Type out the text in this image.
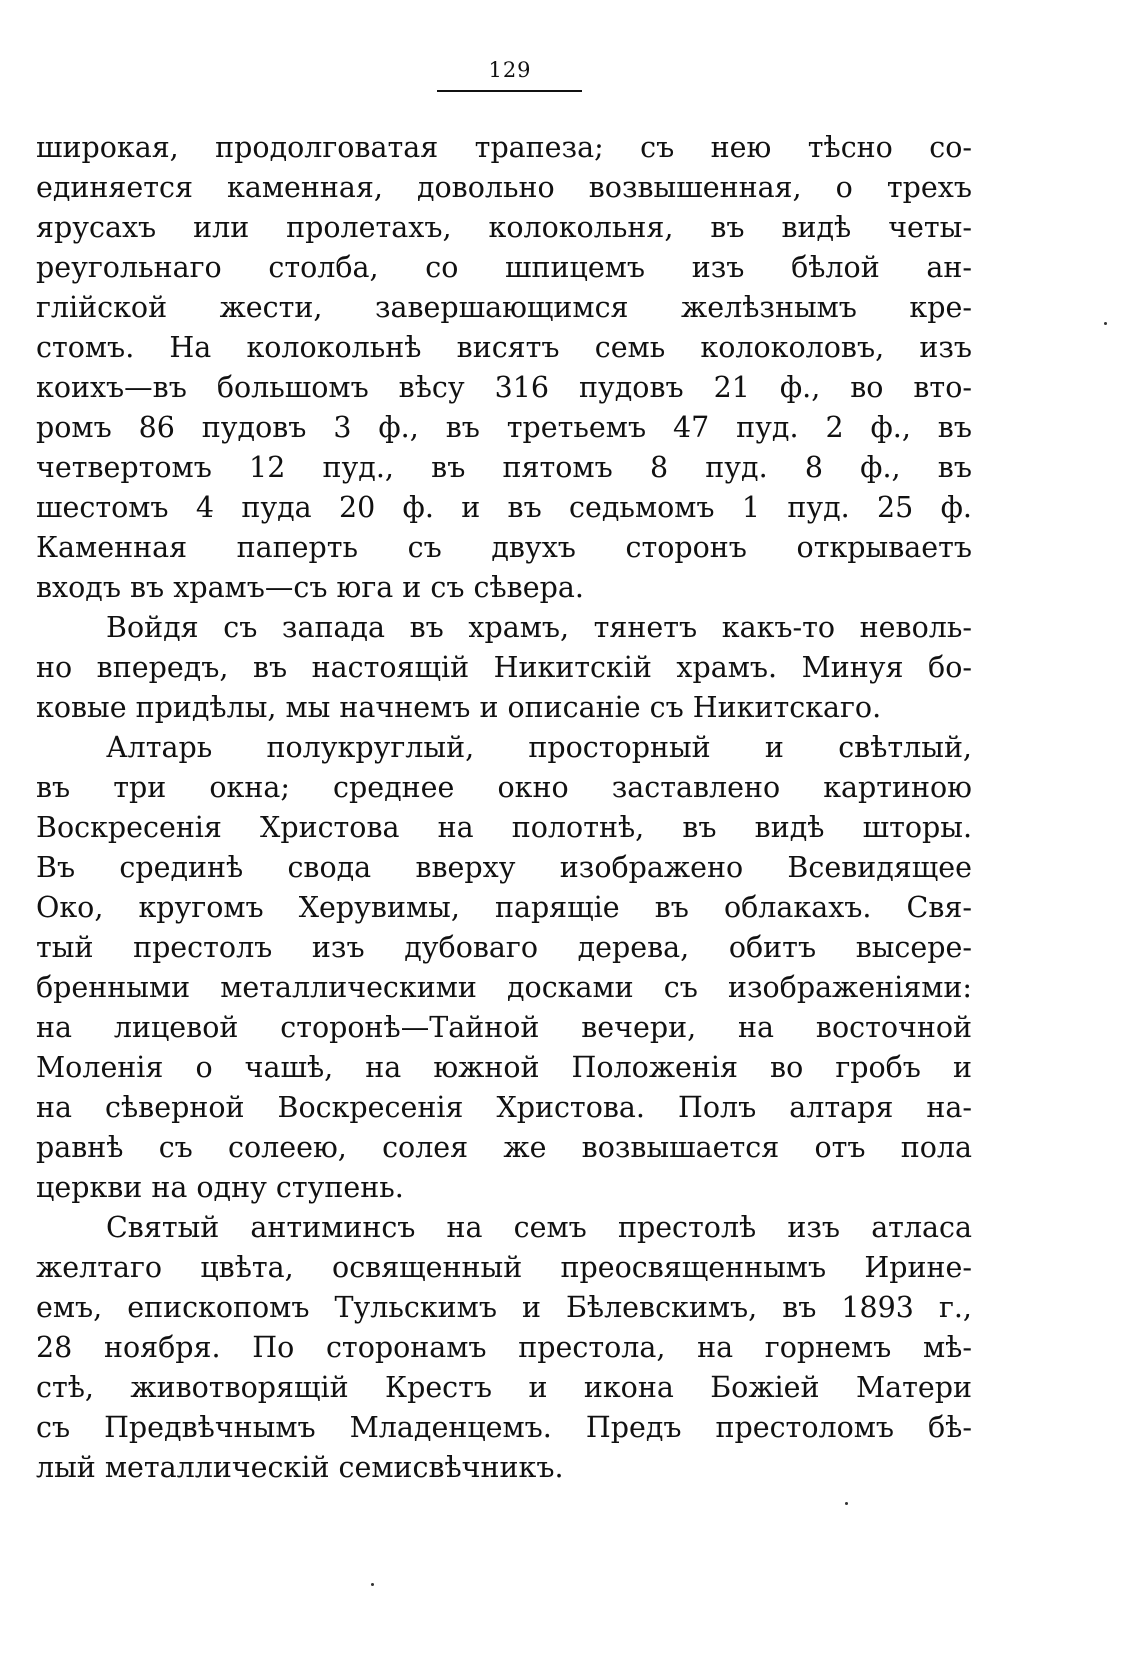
129
широкая, продолговатая трапеза; съ нею тѣсно со-
единяется каменная, довольно возвышенная, о трехъ
ярусахъ или пролетахъ, колокольня, въ видѣ четы-
реугольнаго столба, со шпицемъ изъ бѣлой ан-
глійской жести, завершающимся желѣзнымъ кре-
стомъ. На колокольнѣ висятъ семь колоколовъ, изъ
коихъ—въ большомъ вѣсу 316 пудовъ 21 ф., во вто-
ромъ 86 пудовъ 3 ф., въ третьемъ 47 пуд. 2 ф., въ
четвертомъ 12 пуд., въ пятомъ 8 пуд. 8 ф., въ
шестомъ 4 пуда 20 ф. и въ седьмомъ 1 пуд. 25 ф.
Каменная паперть съ двухъ сторонъ открываетъ
входъ въ храмъ—съ юга и съ сѣвера.
Войдя съ запада въ храмъ, тянетъ какъ-то неволь-
но впередъ, въ настоящій Никитскій храмъ. Минуя бо-
ковые придѣлы, мы начнемъ и описаніе съ Никитскаго.
Алтарь полукруглый, просторный и свѣтлый,
въ три окна; среднее окно заставлено картиною
Воскресенія Христова на полотнѣ, въ видѣ шторы.
Въ срединѣ свода вверху изображено Всевидящее
Око, кругомъ Херувимы, парящіе въ облакахъ. Свя-
тый престолъ изъ дубоваго дерева, обитъ высере-
бренными металлическими досками съ изображеніями:
на лицевой сторонѣ—Тайной вечери, на восточной
Моленія о чашѣ, на южной Положенія во гробъ и
на сѣверной Воскресенія Христова. Полъ алтаря на-
равнѣ съ солеею, солея же возвышается отъ пола
церкви на одну ступень.
Святый антиминсъ на семъ престолѣ изъ атласа
желтаго цвѣта, освященный преосвященнымъ Ирине-
емъ, епископомъ Тульскимъ и Бѣлевскимъ, въ 1893 г.,
28 ноября. По сторонамъ престола, на горнемъ мѣ-
стѣ, животворящій Крестъ и икона Божіей Матери
съ Предвѣчнымъ Младенцемъ. Предъ престоломъ бѣ-
лый металлическій семисвѣчникъ.
